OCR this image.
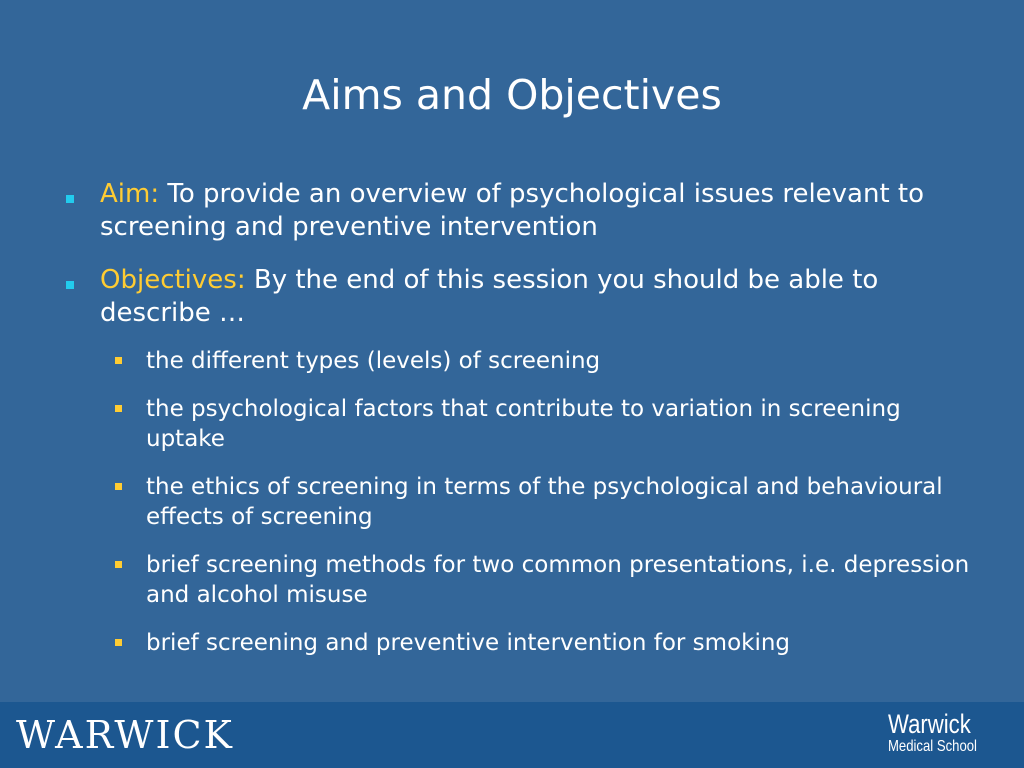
Aims and Objectives
Aim: To provide an overview of psychological issues relevant to screening and preventive intervention
Objectives: By the end of this session you should be able to describe …
the different types (levels) of screening
the psychological factors that contribute to variation in screening uptake
the ethics of screening in terms of the psychological and behavioural effects of screening
brief screening methods for two common presentations, i.e. depression and alcohol misuse
brief screening and preventive intervention for smoking
WARWICK	Warwick
Medical School
